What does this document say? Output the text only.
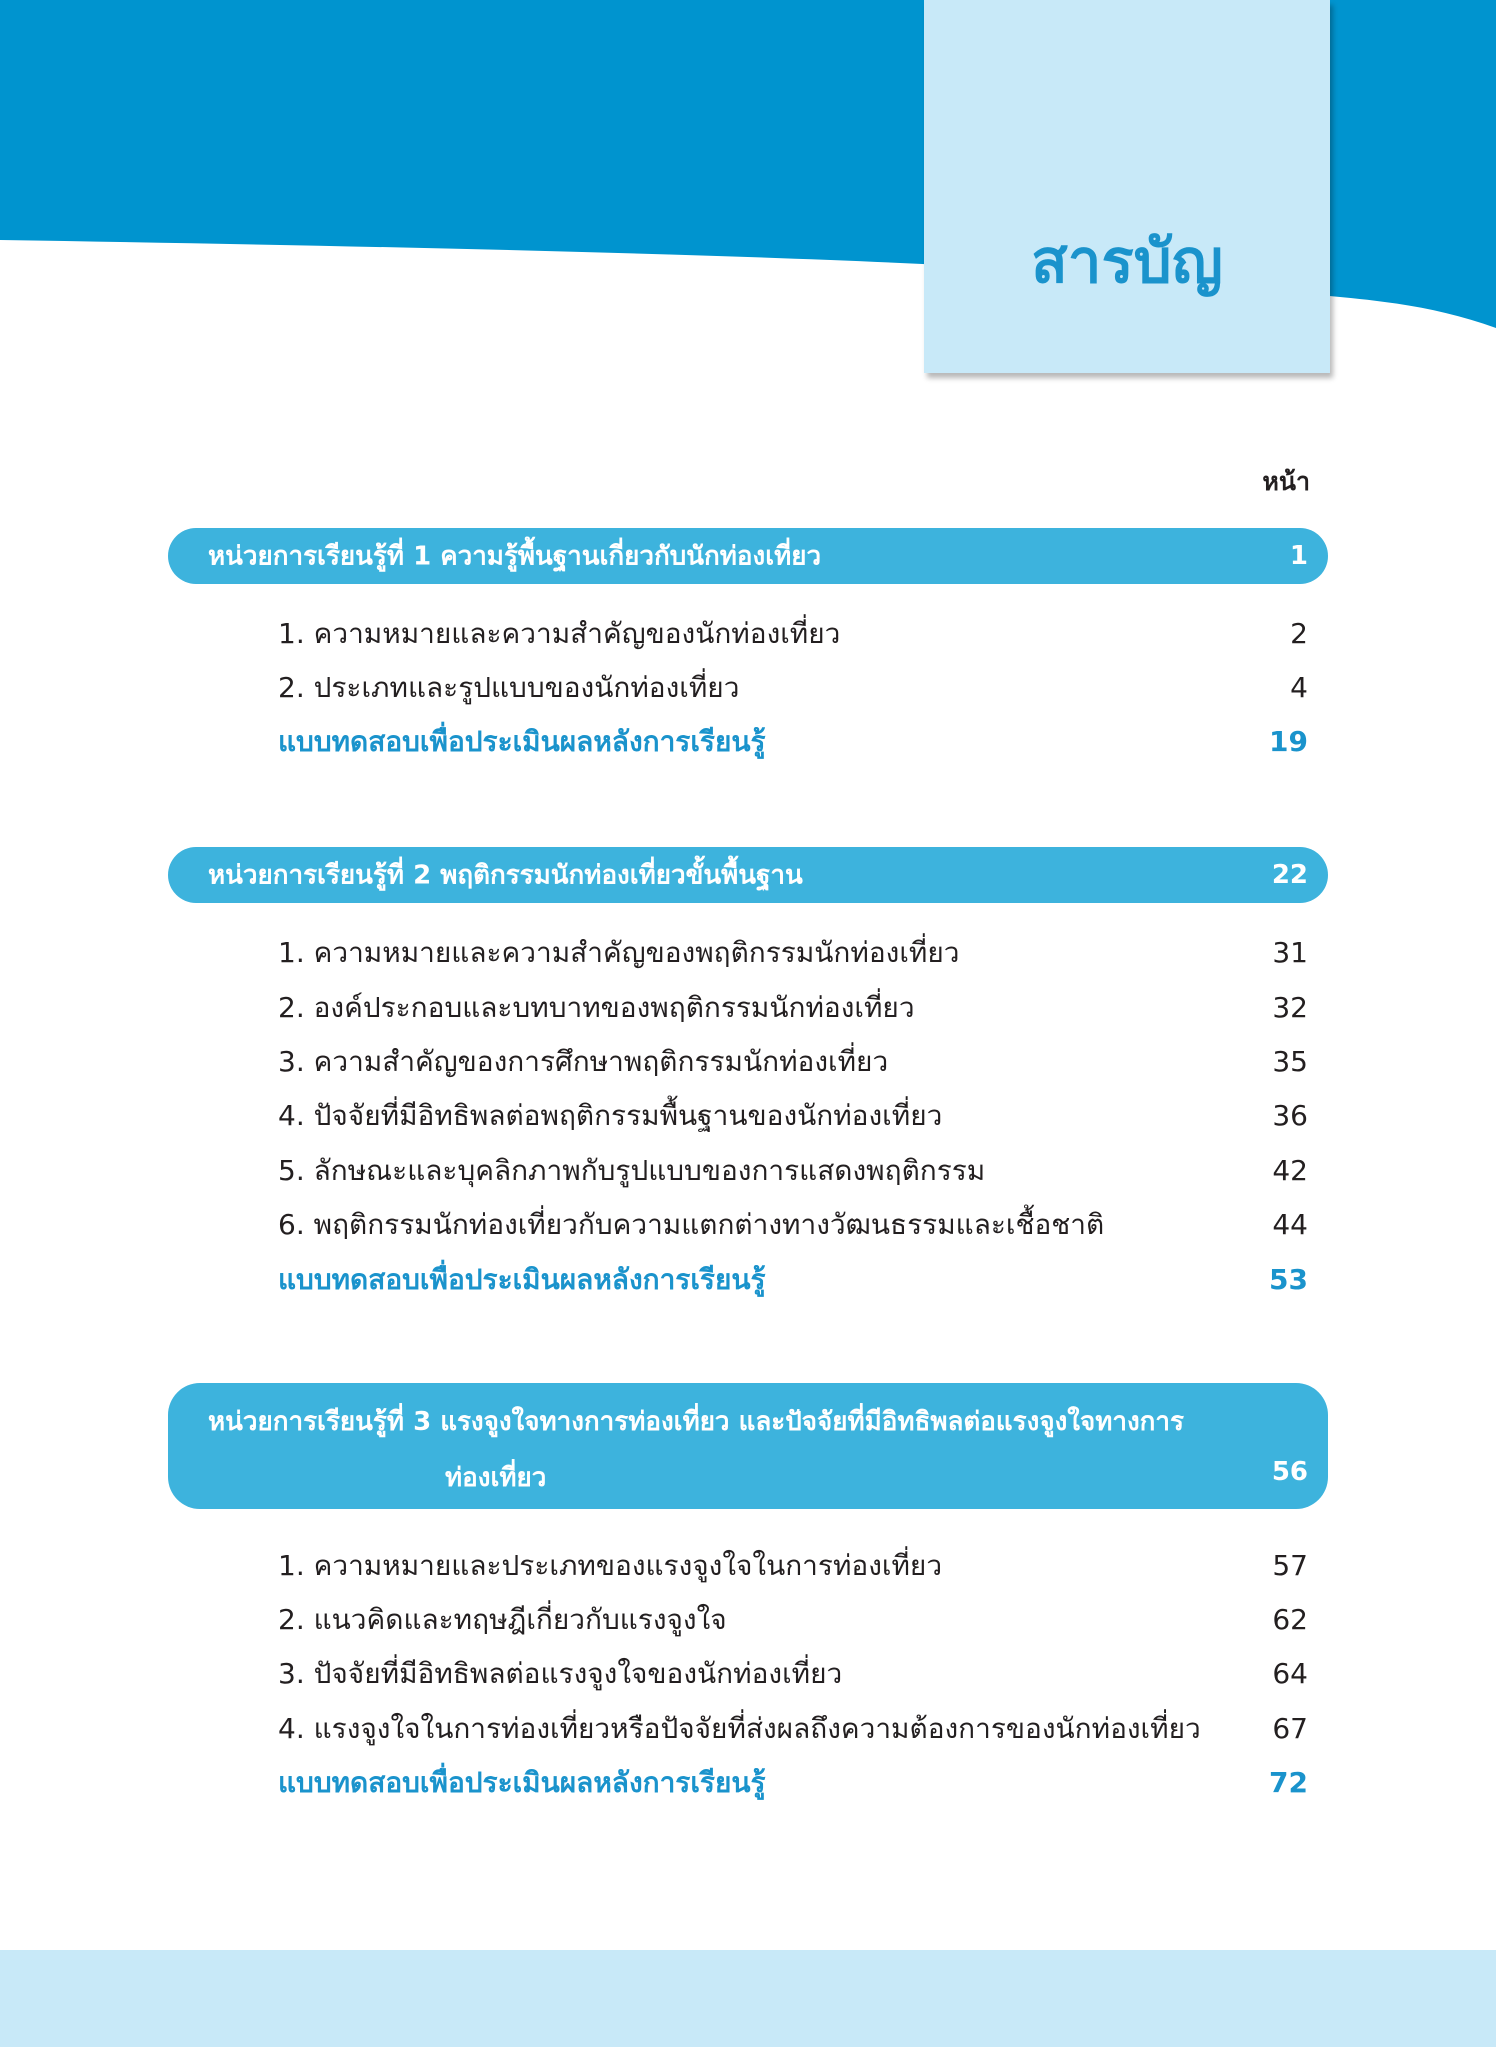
สารบัญ
หน้า
หน่วยการเรียนรู้ที่ 1 ความรู้พื้นฐานเกี่ยวกับนักท่องเที่ยว	1
1. ความหมายและความสำคัญของนักท่องเที่ยว	2
2. ประเภทและรูปแบบของนักท่องเที่ยว	4
แบบทดสอบเพื่อประเมินผลหลังการเรียนรู้	19
หน่วยการเรียนรู้ที่ 2 พฤติกรรมนักท่องเที่ยวขั้นพื้นฐาน	22
1. ความหมายและความสำคัญของพฤติกรรมนักท่องเที่ยว	31
2. องค์ประกอบและบทบาทของพฤติกรรมนักท่องเที่ยว	32
3. ความสำคัญของการศึกษาพฤติกรรมนักท่องเที่ยว	35
4. ปัจจัยที่มีอิทธิพลต่อพฤติกรรมพื้นฐานของนักท่องเที่ยว	36
5. ลักษณะและบุคลิกภาพกับรูปแบบของการแสดงพฤติกรรม	42
6. พฤติกรรมนักท่องเที่ยวกับความแตกต่างทางวัฒนธรรมและเชื้อชาติ	44
แบบทดสอบเพื่อประเมินผลหลังการเรียนรู้	53
หน่วยการเรียนรู้ที่ 3 แรงจูงใจทางการท่องเที่ยว และปัจจัยที่มีอิทธิพลต่อแรงจูงใจทางการ
ท่องเที่ยว	56
1. ความหมายและประเภทของแรงจูงใจในการท่องเที่ยว	57
2. แนวคิดและทฤษฎีเกี่ยวกับแรงจูงใจ	62
3. ปัจจัยที่มีอิทธิพลต่อแรงจูงใจของนักท่องเที่ยว	64
4. แรงจูงใจในการท่องเที่ยวหรือปัจจัยที่ส่งผลถึงความต้องการของนักท่องเที่ยว	67
แบบทดสอบเพื่อประเมินผลหลังการเรียนรู้	72
